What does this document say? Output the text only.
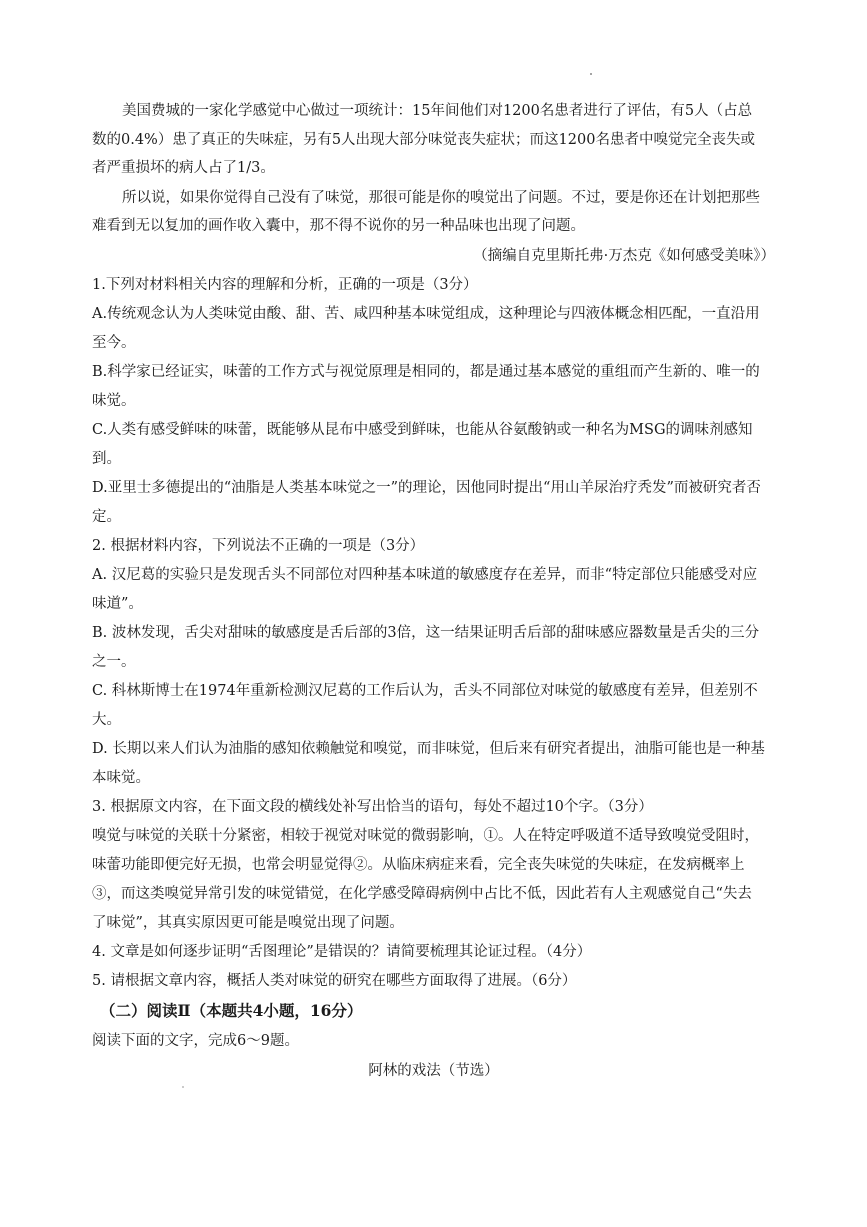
美国费城的一家化学感觉中心做过一项统计：15年间他们对1200名患者进行了评估，有5人（占总
数的0.4%）患了真正的失味症，另有5人出现大部分味觉丧失症状；而这1200名患者中嗅觉完全丧失或
者严重损坏的病人占了1/3。
所以说，如果你觉得自己没有了味觉，那很可能是你的嗅觉出了问题。不过，要是你还在计划把那些
难看到无以复加的画作收入囊中，那不得不说你的另一种品味也出现了问题。
（摘编自克里斯托弗·万杰克《如何感受美味》）
1.下列对材料相关内容的理解和分析，正确的一项是（3分）
A.传统观念认为人类味觉由酸、甜、苦、咸四种基本味觉组成，这种理论与四液体概念相匹配，一直沿用
至今。
B.科学家已经证实，味蕾的工作方式与视觉原理是相同的，都是通过基本感觉的重组而产生新的、唯一的
味觉。
C.人类有感受鲜味的味蕾，既能够从昆布中感受到鲜味，也能从谷氨酸钠或一种名为MSG的调味剂感知
到。
D.亚里士多德提出的“油脂是人类基本味觉之一”的理论，因他同时提出“用山羊尿治疗秃发”而被研究者否
定。
2. 根据材料内容，下列说法不正确的一项是（3分）
A. 汉尼葛的实验只是发现舌头不同部位对四种基本味道的敏感度存在差异，而非“特定部位只能感受对应
味道”。
B. 波林发现，舌尖对甜味的敏感度是舌后部的3倍，这一结果证明舌后部的甜味感应器数量是舌尖的三分
之一。
C. 科林斯博士在1974年重新检测汉尼葛的工作后认为，舌头不同部位对味觉的敏感度有差异，但差别不
大。
D. 长期以来人们认为油脂的感知依赖触觉和嗅觉，而非味觉，但后来有研究者提出，油脂可能也是一种基
本味觉。
3. 根据原文内容，在下面文段的横线处补写出恰当的语句，每处不超过10个字。（3分）
嗅觉与味觉的关联十分紧密，相较于视觉对味觉的微弱影响，①。人在特定呼吸道不适导致嗅觉受阻时，
味蕾功能即便完好无损，也常会明显觉得②。从临床病症来看，完全丧失味觉的失味症，在发病概率上
③，而这类嗅觉异常引发的味觉错觉，在化学感受障碍病例中占比不低，因此若有人主观感觉自己“失去
了味觉”，其真实原因更可能是嗅觉出现了问题。
4. 文章是如何逐步证明“舌图理论”是错误的？请简要梳理其论证过程。（4分）
5. 请根据文章内容，概括人类对味觉的研究在哪些方面取得了进展。（6分）
（二）阅读Ⅱ（本题共4小题，16分）
阅读下面的文字，完成6～9题。
阿林的戏法（节选）
